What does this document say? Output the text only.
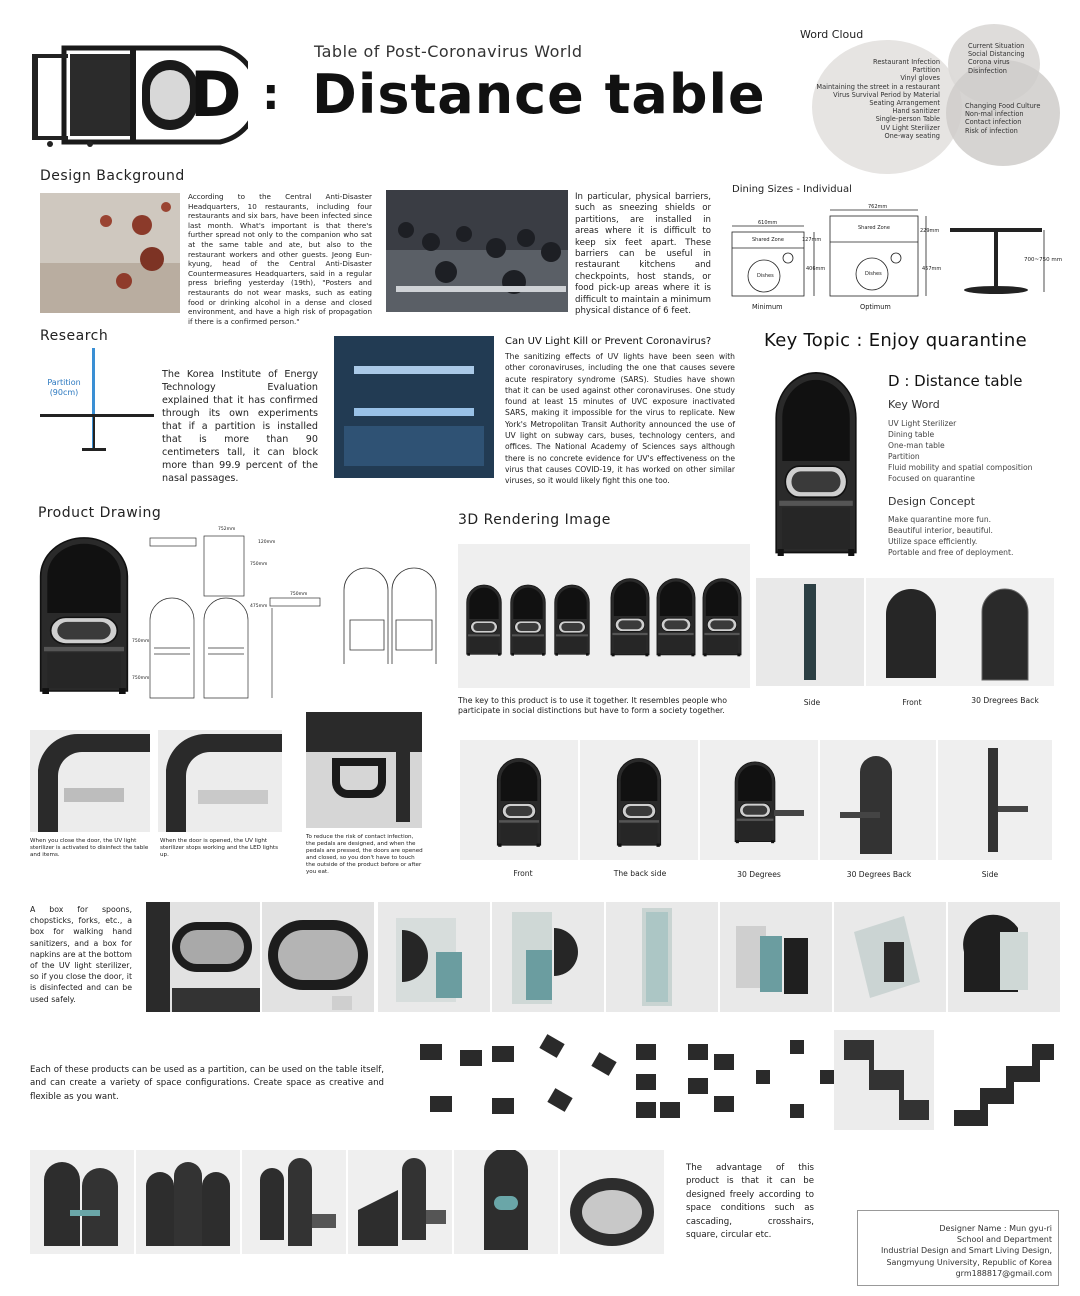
D
Table of Post-Coronavirus World
: Distance table
Word Cloud
Restaurant Infection
Partition
Vinyl gloves
Maintaining the street in a restaurant
Virus Survival Period by Material
Seating Arrangement
Hand sanitizer
Single-person Table
UV Light Sterilizer
One-way seating
Current Situation
Social Distancing
Corona virus
Disinfection
Changing Food Culture
Non-mal infection
Contact infection
Risk of infection
Design Background
According to the Central Anti-Disaster Headquarters, 10 restaurants, including four restaurants and six bars, have been infected since last month. What's important is that there's further spread not only to the companion who sat at the same table and ate, but also to the restaurant workers and other guests. Jeong Eun-kyung, head of the Central Anti-Disaster Countermeasures Headquarters, said in a regular press briefing yesterday (19th), "Posters and restaurants do not wear masks, such as eating food or drinking alcohol in a dense and closed environment, and have a high risk of propagation if there is a confirmed person."
In particular, physical barriers, such as sneezing shields or partitions, are installed in areas where it is difficult to keep six feet apart. These barriers can be useful in restaurant kitchens and checkpoints, host stands, or food pick-up areas where it is difficult to maintain a minimum physical distance of 6 feet.
Dining Sizes - Individual
610mm
762mm
Shared Zone
Shared Zone
Dishes	Dishes
127mm
406mm
229mm
457mm
700~750 mm
Minimum	Optimum
Research
Partition
(90cm)
The Korea Institute of Energy Technology Evaluation explained that it has confirmed through its own experiments that if a partition is installed that is more than 90 centimeters tall, it can block more than 99.9 percent of the nasal passages.
Can UV Light Kill or Prevent Coronavirus?
The sanitizing effects of UV lights have been seen with other coronaviruses, including the one that causes severe acute respiratory syndrome (SARS). Studies have shown that it can be used against other coronaviruses. One study found at least 15 minutes of UVC exposure inactivated SARS, making it impossible for the virus to replicate. New York's Metropolitan Transit Authority announced the use of UV light on subway cars, buses, technology centers, and offices. The National Academy of Sciences says although there is no concrete evidence for UV's effectiveness on the virus that causes COVID-19, it has worked on other similar viruses, so it would likely fight this one too.
Key Topic : Enjoy quarantine
D : Distance table
Key Word
UV Light Sterilizer
Dining table
One-man table
Partition
Fluid mobility and spatial composition
Focused on quarantine
Design Concept
Make quarantine more fun.
Beautiful interior, beautiful.
Utilize space efficiently.
Portable and free of deployment.
Product Drawing
752mm
120mm
750mm
475mm
750mm
750mm
750mm
When you close the door, the UV light sterilizer is activated to disinfect the table and items.
When the door is opened, the UV light sterilizer stops working and the LED lights up.
To reduce the risk of contact infection, the pedals are designed, and when the pedals are pressed, the doors are opened and closed, so you don't have to touch the outside of the product before or after you eat.
3D Rendering Image
The key to this product is to use it together. It resembles people who participate in social distinctions but have to form a society together.
Side	Front	30 Dregrees Back
Front	The back side	30 Degrees	30 Degrees Back	Side
A box for spoons, chopsticks, forks, etc., a box for walking hand sanitizers, and a box for napkins are at the bottom of the UV light sterilizer, so if you close the door, it is disinfected and can be used safely.
Each of these products can be used as a partition, can be used on the table itself, and can create a variety of space configurations. Create space as creative and flexible as you want.
The advantage of this product is that it can be designed freely according to space conditions such as cascading, crosshairs, square, circular etc.
Designer Name : Mun gyu-ri
School and Department
Industrial Design and Smart Living Design,
Sangmyung University, Republic of Korea
grm188817@gmail.com
